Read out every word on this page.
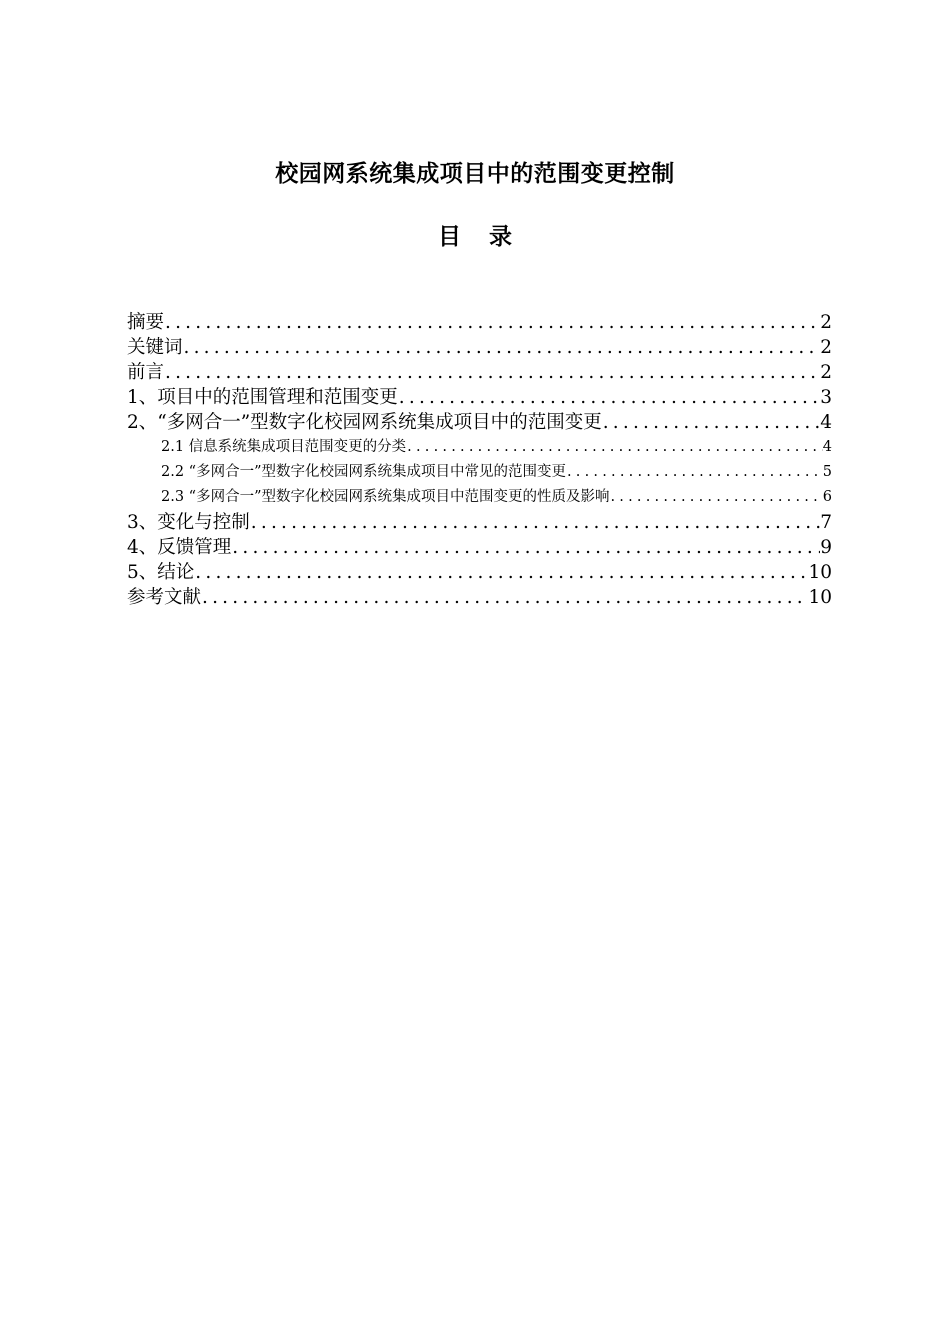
校园网系统集成项目中的范围变更控制
目 录
摘要 .....	2
关键词 .....	2
前言 .....	2
1、项目中的范围管理和范围变更 .....	3
2、“多网合一”型数字化校园网系统集成项目中的范围变更 .....	4
2.1 信息系统集成项目范围变更的分类 .....	4
2.2 “多网合一”型数字化校园网系统集成项目中常见的范围变更 .....	5
2.3 “多网合一”型数字化校园网系统集成项目中范围变更的性质及影响 .....	6
3、变化与控制 .....	7
4、反馈管理 .....	9
5、结论 .....	10
参考文献 .....	10
